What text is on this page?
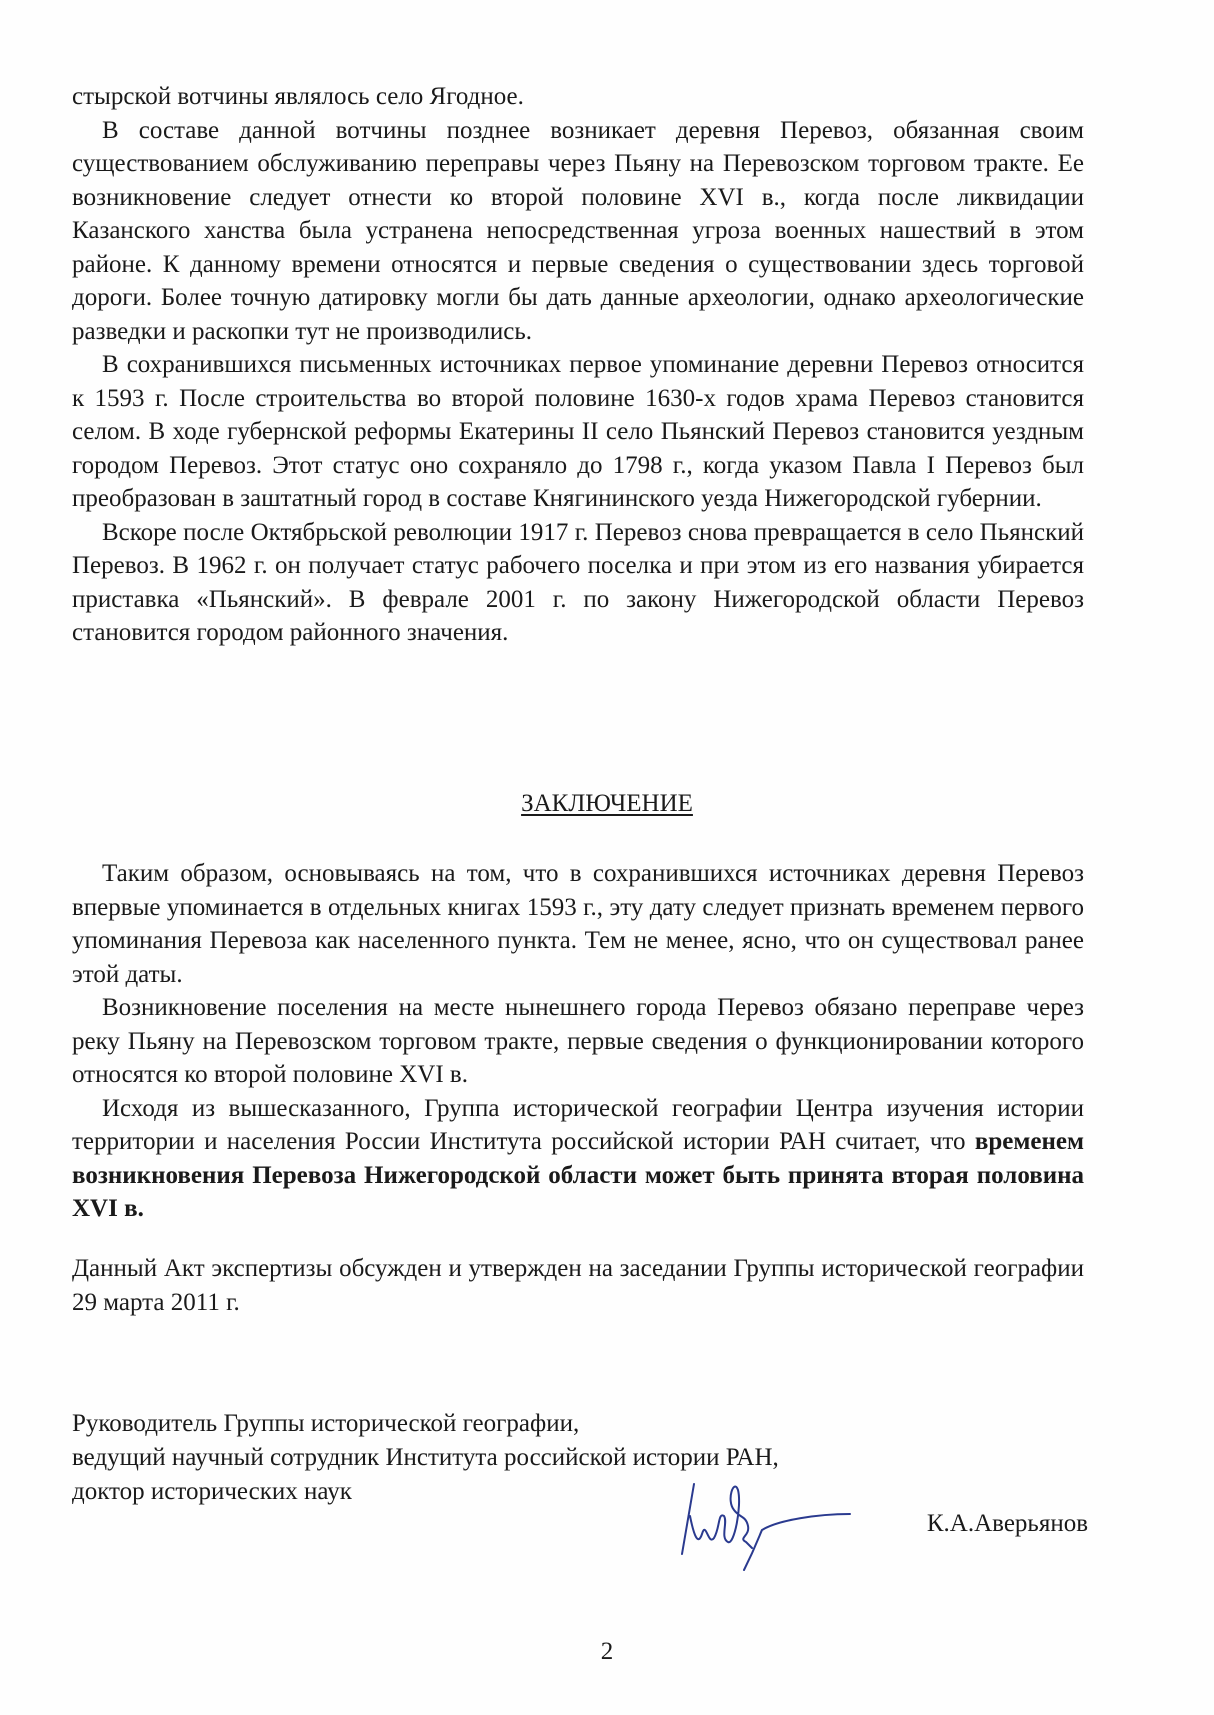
стырской вотчины являлось село Ягодное.

В составе данной вотчины позднее возникает деревня Перевоз, обязанная своим существованием обслуживанию переправы через Пьяну на Перевозском торговом тракте. Ее возникновение следует отнести ко второй половине XVI в., когда после ликвидации Казанского ханства была устранена непосредственная угроза военных нашествий в этом районе. К данному времени относятся и первые сведения о существовании здесь торговой дороги. Более точную датировку могли бы дать данные археологии, однако археологические разведки и раскопки тут не производились.

В сохранившихся письменных источниках первое упоминание деревни Перевоз относится к 1593 г. После строительства во второй половине 1630-х годов храма Перевоз становится селом. В ходе губернской реформы Екатерины II село Пьянский Перевоз становится уездным городом Перевоз. Этот статус оно сохраняло до 1798 г., когда указом Павла I Перевоз был преобразован в заштатный город в составе Княгининского уезда Нижегородской губернии.

Вскоре после Октябрьской революции 1917 г. Перевоз снова превращается в село Пьянский Перевоз. В 1962 г. он получает статус рабочего поселка и при этом из его названия убирается приставка «Пьянский». В феврале 2001 г. по закону Нижегородской области Перевоз становится городом районного значения.

ЗАКЛЮЧЕНИЕ

Таким образом, основываясь на том, что в сохранившихся источниках деревня Перевоз впервые упоминается в отдельных книгах 1593 г., эту дату следует признать временем первого упоминания Перевоза как населенного пункта. Тем не менее, ясно, что он существовал ранее этой даты.

Возникновение поселения на месте нынешнего города Перевоз обязано переправе через реку Пьяну на Перевозском торговом тракте, первые сведения о функционировании которого относятся ко второй половине XVI в.

Исходя из вышесказанного, Группа исторической географии Центра изучения истории территории и населения России Института российской истории РАН считает, что временем возникновения Перевоза Нижегородской области может быть принята вторая половина XVI в.

Данный Акт экспертизы обсужден и утвержден на заседании Группы исторической географии 29 марта 2011 г.

Руководитель Группы исторической географии,
ведущий научный сотрудник Института российской истории РАН,
доктор исторических наук
К.А.Аверьянов
2
